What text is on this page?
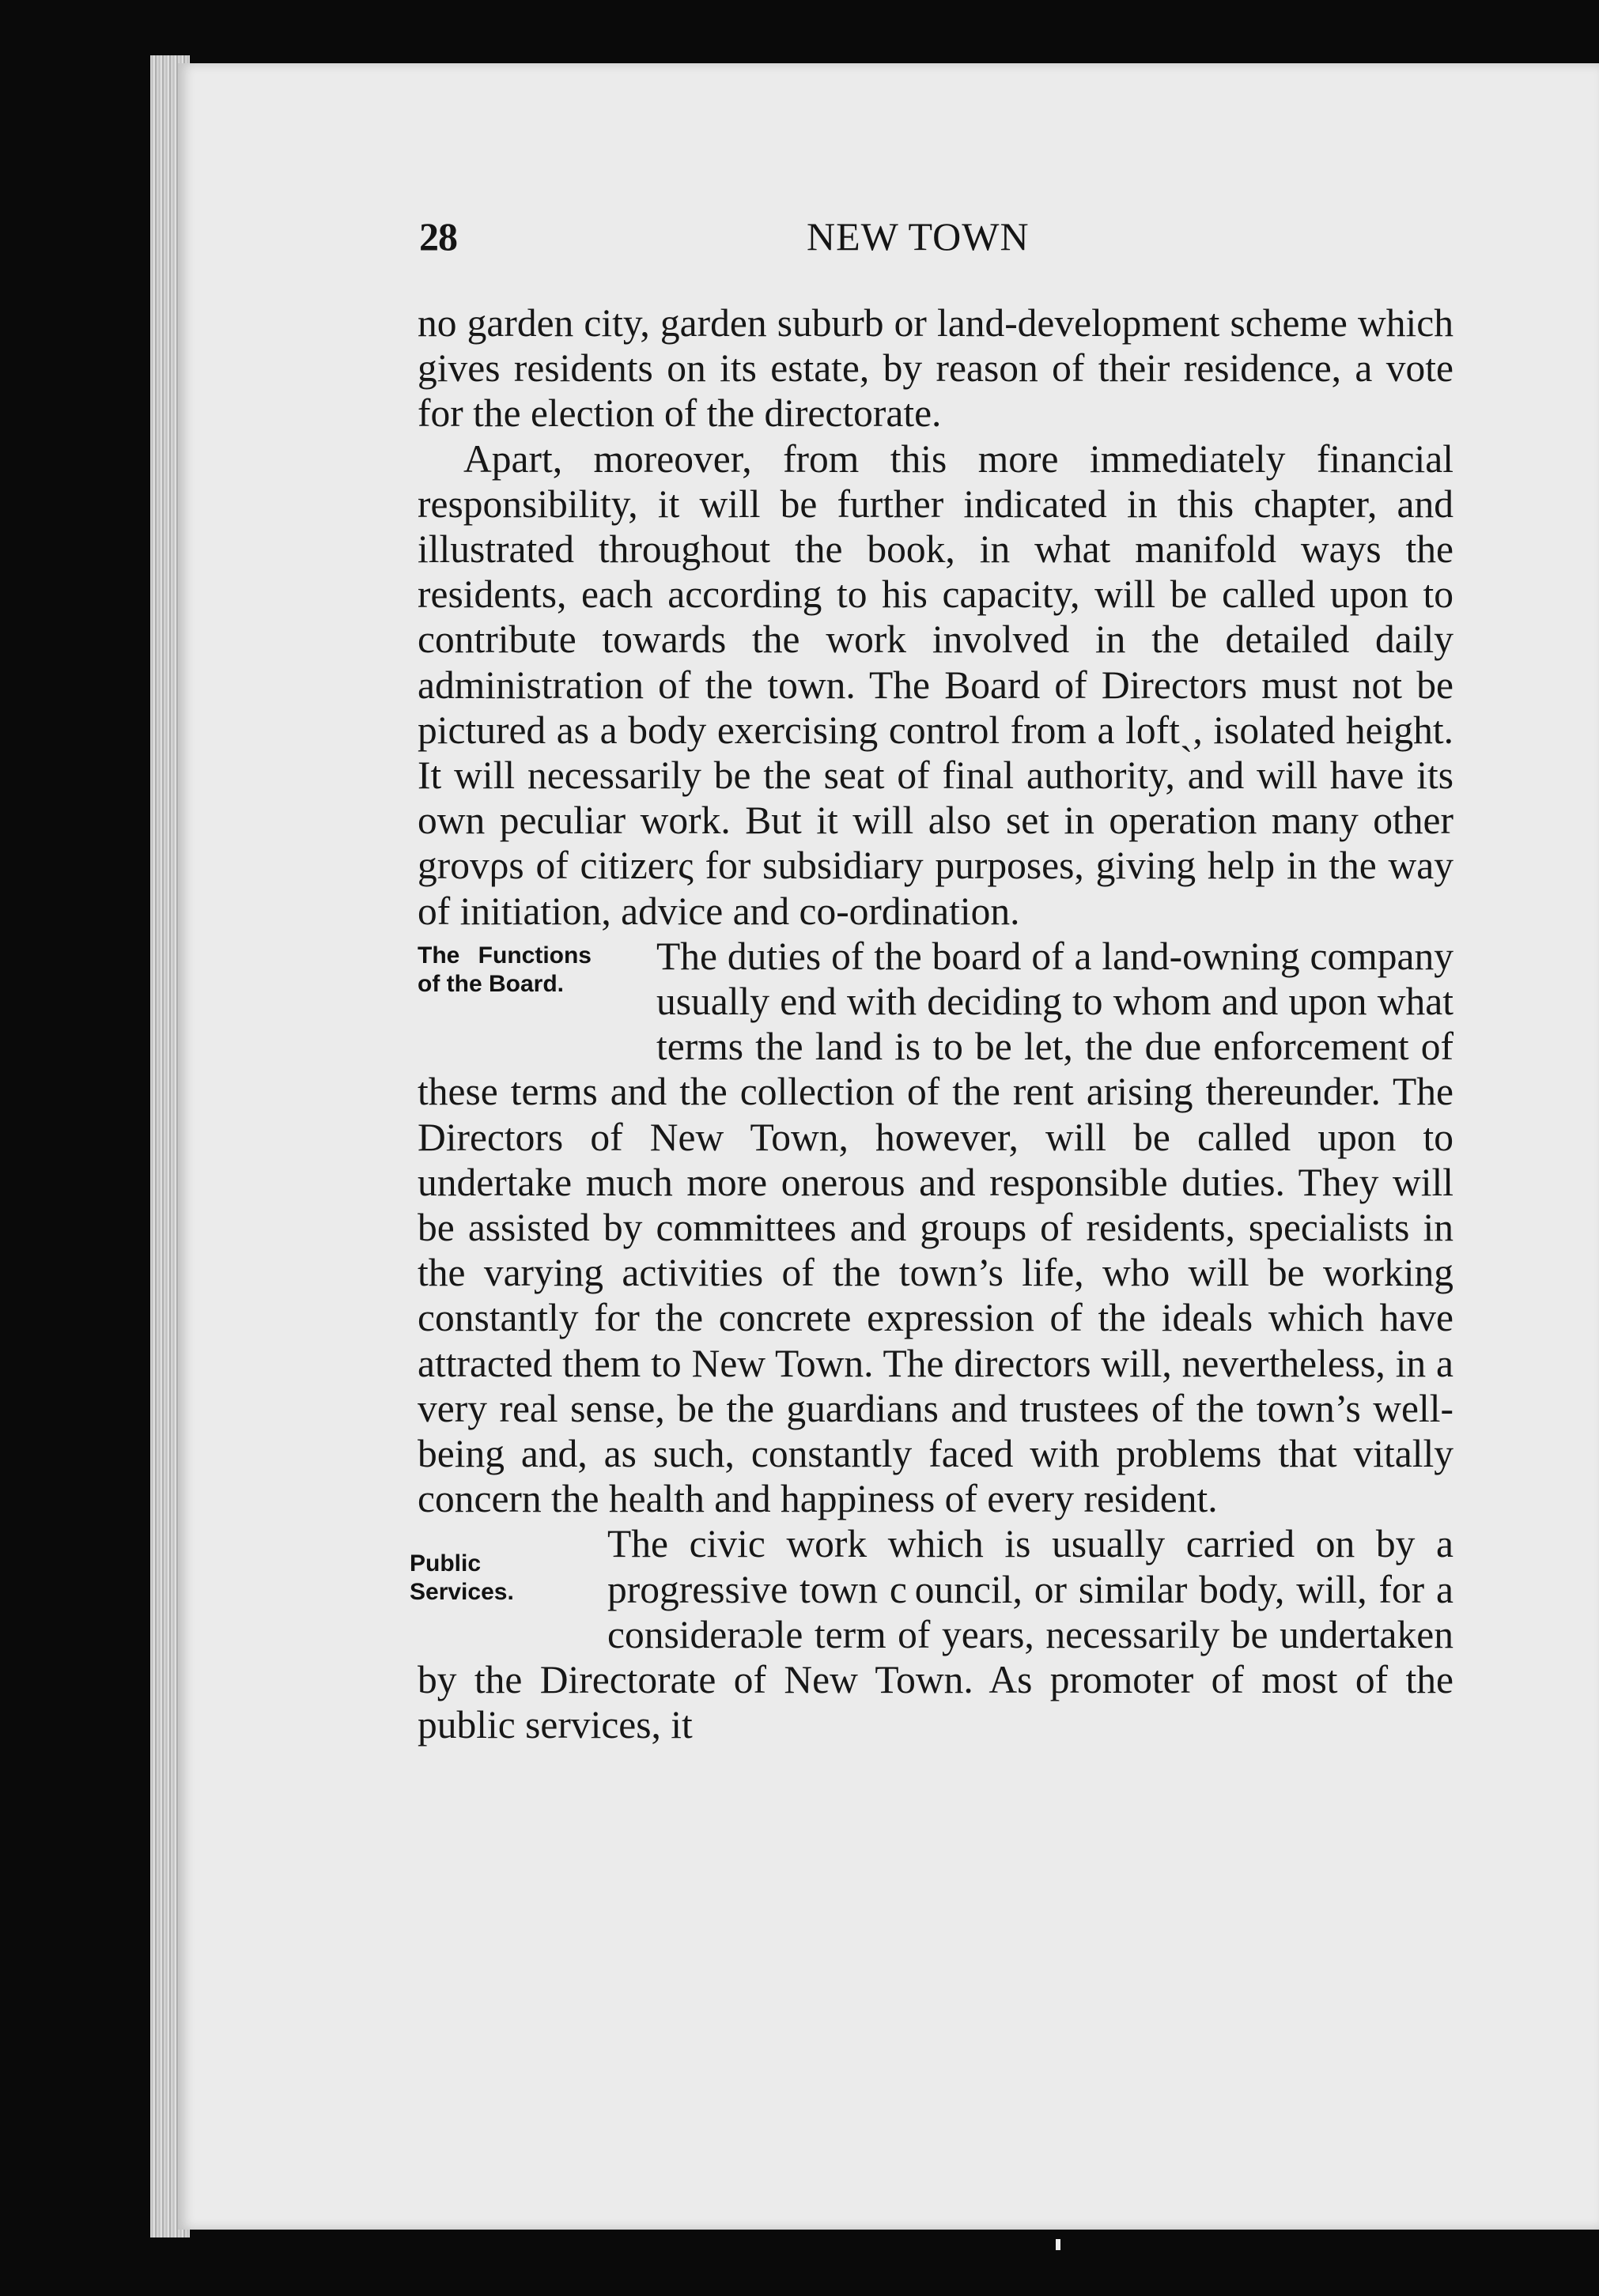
28	NEW TOWN

no garden city, garden suburb or land-development scheme which gives residents on its estate, by reason of their residence, a vote for the election of the directorate.

Apart, moreover, from this more immediately financial responsibility, it will be further indicated in this chapter, and illustrated throughout the book, in what manifold ways the residents, each according to his capacity, will be called upon to contribute towards the work involved in the detailed daily administration of the town. The Board of Directors must not be pictured as a body exercising control from a loftˏ, isolated height. It will necessarily be the seat of final authority, and will have its own peculiar work. But it will also set in operation many other grovρs of citizerς for subsidiary purposes, giving help in the way of initiation, advice and co-ordination.

The Functions of the Board.

The duties of the board of a land-owning company usually end with deciding to whom and upon what terms the land is to be let, the due enforcement of these terms and the collection of the rent arising thereunder. The Directors of New Town, however, will be called upon to undertake muсh more onerous and responsible duties. They will be assisted by committees and groups of residents, specialists in the varying activities of the town’s life, who will be working constantly for the concrete expression of the ideals which have attracted them to New Town. The directors will, nevertheless, in a very real sense, be the guardians and trustees of the town’s well-being and, as such, constantly faced with problems that vitally concern the health and happiness of every resident.

Public Services.

The civic work which is usually carried on by a progressive town c ouncil, or similar body, will, for a consideraɔle term of years, necessarily be undertaken by the Directorate of New Town. As promoter of most of the public services, it
